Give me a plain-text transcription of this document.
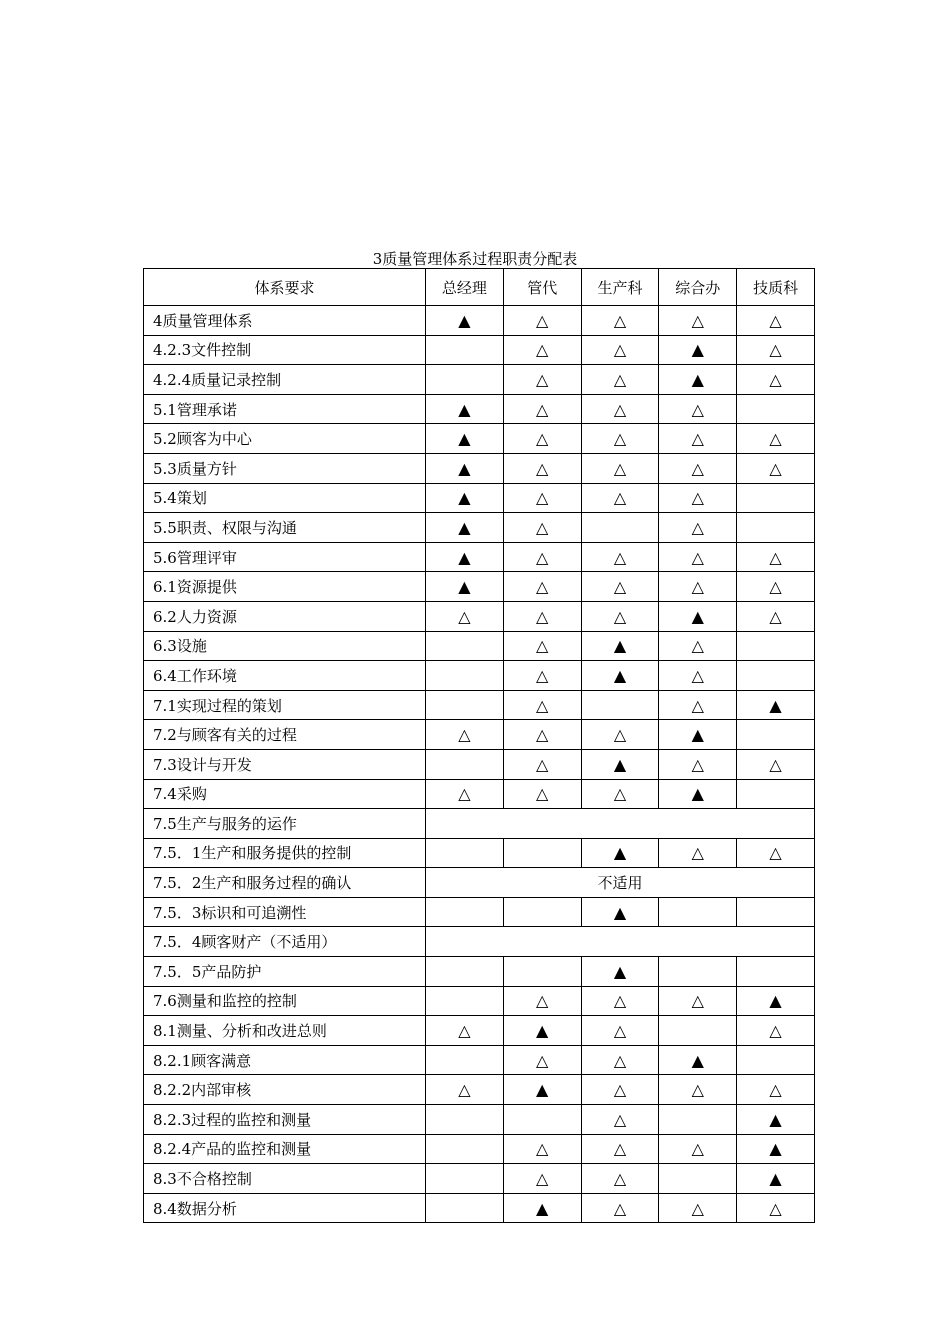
3质量管理体系过程职责分配表
体系要求	总经理	管代	生产科	综合办	技质科
4质量管理体系	▲	△	△	△	△
4.2.3文件控制		△	△	▲	△
4.2.4质量记录控制		△	△	▲	△
5.1管理承诺	▲	△	△	△	
5.2顾客为中心	▲	△	△	△	△
5.3质量方针	▲	△	△	△	△
5.4策划	▲	△	△	△	
5.5职责、权限与沟通	▲	△		△	
5.6管理评审	▲	△	△	△	△
6.1资源提供	▲	△	△	△	△
6.2人力资源	△	△	△	▲	△
6.3设施		△	▲	△	
6.4工作环境		△	▲	△	
7.1实现过程的策划		△		△	▲
7.2与顾客有关的过程	△	△	△	▲	
7.3设计与开发		△	▲	△	△
7.4采购	△	△	△	▲	
7.5生产与服务的运作					
7.5．1生产和服务提供的控制			▲	△	△
7.5．2生产和服务过程的确认	不适用				
7.5．3标识和可追溯性			▲		
7.5．4顾客财产（不适用）					
7.5．5产品防护			▲		
7.6测量和监控的控制		△	△	△	▲
8.1测量、分析和改进总则	△	▲	△		△
8.2.1顾客满意		△	△	▲	
8.2.2内部审核	△	▲	△	△	△
8.2.3过程的监控和测量			△		▲
8.2.4产品的监控和测量		△	△	△	▲
8.3不合格控制		△	△		▲
8.4数据分析		▲	△	△	△
